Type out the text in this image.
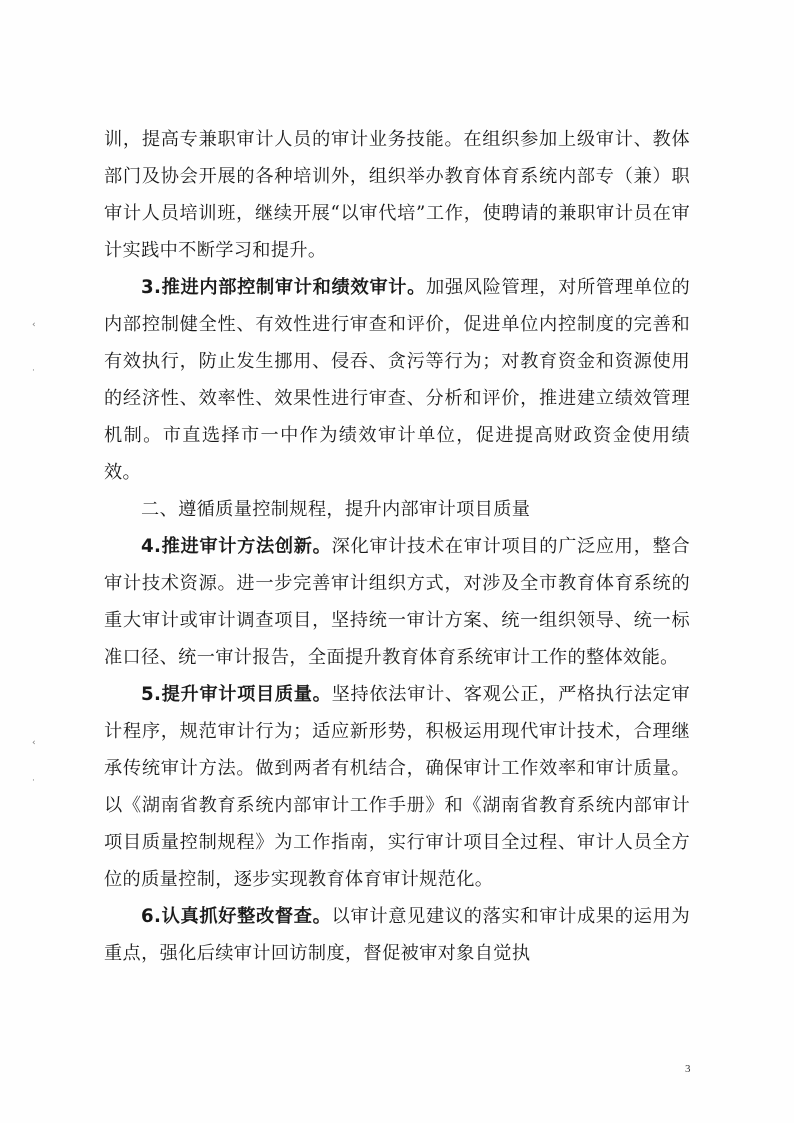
‹
·
‹
·

训，提高专兼职审计人员的审计业务技能。在组织参加上级审计、教体部门及协会开展的各种培训外，组织举办教育体育系统内部专（兼）职审计人员培训班，继续开展“以审代培”工作，使聘请的兼职审计员在审计实践中不断学习和提升。

3.推进内部控制审计和绩效审计。加强风险管理，对所管理单位的内部控制健全性、有效性进行审查和评价，促进单位内控制度的完善和有效执行，防止发生挪用、侵吞、贪污等行为；对教育资金和资源使用的经济性、效率性、效果性进行审查、分析和评价，推进建立绩效管理机制。市直选择市一中作为绩效审计单位，促进提高财政资金使用绩效。

二、遵循质量控制规程，提升内部审计项目质量

4.推进审计方法创新。深化审计技术在审计项目的广泛应用，整合审计技术资源。进一步完善审计组织方式，对涉及全市教育体育系统的重大审计或审计调查项目，坚持统一审计方案、统一组织领导、统一标准口径、统一审计报告，全面提升教育体育系统审计工作的整体效能。

5.提升审计项目质量。坚持依法审计、客观公正，严格执行法定审计程序，规范审计行为；适应新形势，积极运用现代审计技术，合理继承传统审计方法。做到两者有机结合，确保审计工作效率和审计质量。以《湖南省教育系统内部审计工作手册》和《湖南省教育系统内部审计项目质量控制规程》为工作指南，实行审计项目全过程、审计人员全方位的质量控制，逐步实现教育体育审计规范化。

6.认真抓好整改督查。以审计意见建议的落实和审计成果的运用为重点，强化后续审计回访制度，督促被审对象自觉执

3
